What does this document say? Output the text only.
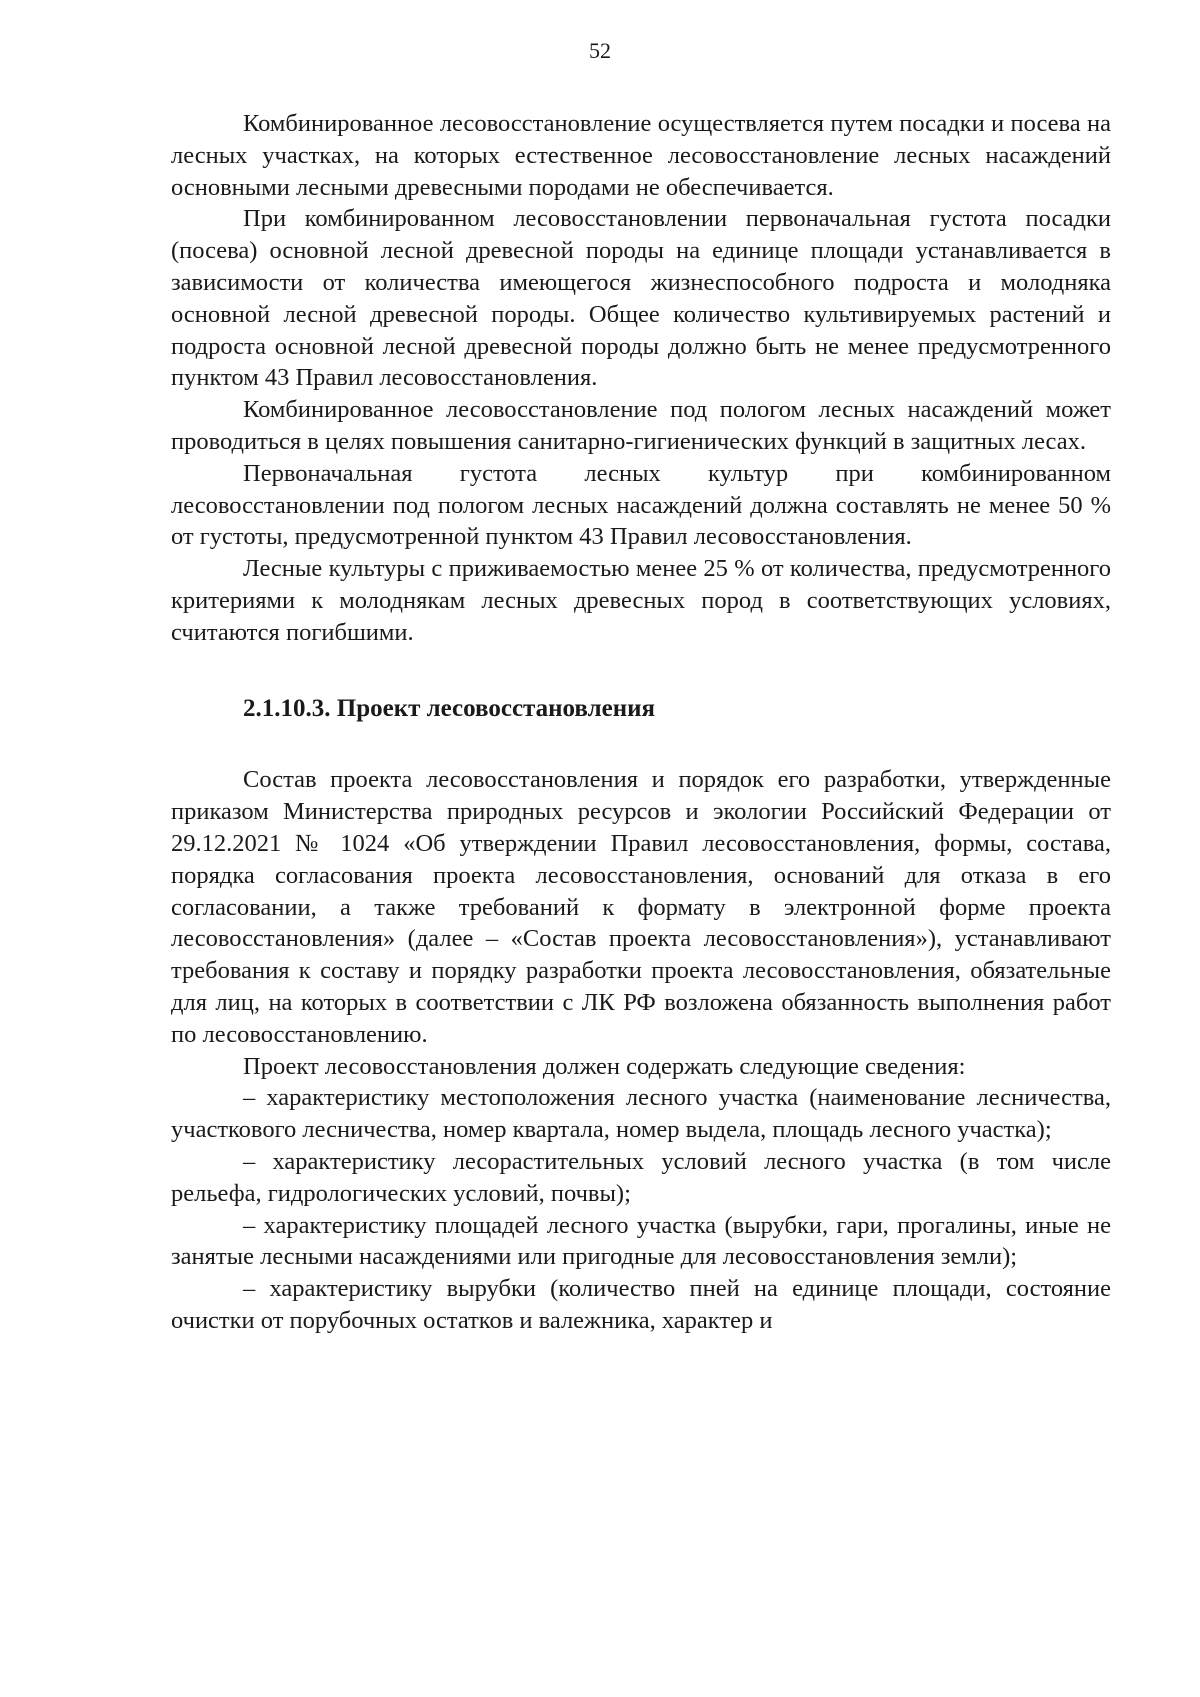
52

Комбинированное лесовосстановление осуществляется путем посадки и посева на лесных участках, на которых естественное лесовосстановление лесных насаждений основными лесными древесными породами не обеспечивается.

При комбинированном лесовосстановлении первоначальная густота посадки (посева) основной лесной древесной породы на единице площади устанавливается в зависимости от количества имеющегося жизнеспособного подроста и молодняка основной лесной древесной породы. Общее количество культивируемых растений и подроста основной лесной древесной породы должно быть не менее предусмотренного пунктом 43 Правил лесовосстановления.

Комбинированное лесовосстановление под пологом лесных насаждений может проводиться в целях повышения санитарно-гигиенических функций в защитных лесах.

Первоначальная густота лесных культур при комбинированном лесовосстановлении под пологом лесных насаждений должна составлять не менее 50 % от густоты, предусмотренной пунктом 43 Правил лесовосстановления.

Лесные культуры с приживаемостью менее 25 % от количества, предусмотренного критериями к молоднякам лесных древесных пород в соответствующих условиях, считаются погибшими.

2.1.10.3. Проект лесовосстановления

Состав проекта лесовосстановления и порядок его разработки, утвержденные приказом Министерства природных ресурсов и экологии Российский Федерации от 29.12.2021 № 1024 «Об утверждении Правил лесовосстановления, формы, состава, порядка согласования проекта лесовосстановления, оснований для отказа в его согласовании, а также требований к формату в электронной форме проекта лесовосстановления» (далее – «Состав проекта лесовосстановления»), устанавливают требования к составу и порядку разработки проекта лесовосстановления, обязательные для лиц, на которых в соответствии с ЛК РФ возложена обязанность выполнения работ по лесовосстановлению.

Проект лесовосстановления должен содержать следующие сведения:

– характеристику местоположения лесного участка (наименование лесничества, участкового лесничества, номер квартала, номер выдела, площадь лесного участка);

– характеристику лесорастительных условий лесного участка (в том числе рельефа, гидрологических условий, почвы);

– характеристику площадей лесного участка (вырубки, гари, прогалины, иные не занятые лесными насаждениями или пригодные для лесовосстановления земли);

– характеристику вырубки (количество пней на единице площади, состояние очистки от порубочных остатков и валежника, характер и
